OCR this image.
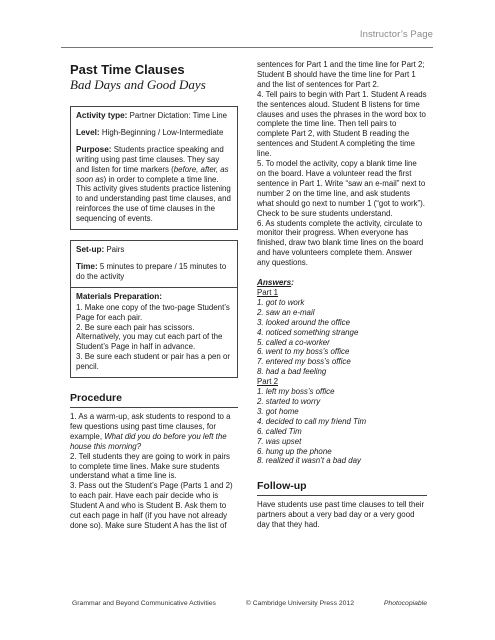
Instructor’s Page
Past Time Clauses
Bad Days and Good Days

Activity type: Partner Dictation: Time Line

Level: High-Beginning / Low-Intermediate

Purpose: Students practice speaking and writing using past time clauses. They say and listen for time markers (before, after, as soon as) in order to complete a time line. This activity gives students practice listening to and understanding past time clauses, and reinforces the use of time clauses in the sequencing of events.

Set-up: Pairs

Time: 5 minutes to prepare / 15 minutes to do the activity

Materials Preparation:
1. Make one copy of the two-page Student’s Page for each pair.
2. Be sure each pair has scissors. Alternatively, you may cut each part of the Student’s Page in half in advance.
3. Be sure each student or pair has a pen or pencil.
Procedure
1. As a warm-up, ask students to respond to a few questions using past time clauses, for example, What did you do before you left the house this morning?
2. Tell students they are going to work in pairs to complete time lines. Make sure students understand what a time line is.
3. Pass out the Student’s Page (Parts 1 and 2) to each pair. Have each pair decide who is Student A and who is Student B. Ask them to cut each page in half (if you have not already done so). Make sure Student A has the list of
sentences for Part 1 and the time line for Part 2; Student B should have the time line for Part 1 and the list of sentences for Part 2.
4. Tell pairs to begin with Part 1. Student A reads the sentences aloud. Student B listens for time clauses and uses the phrases in the word box to complete the time line. Then tell pairs to complete Part 2, with Student B reading the sentences and Student A completing the time line.
5. To model the activity, copy a blank time line on the board. Have a volunteer read the first sentence in Part 1. Write “saw an e-mail” next to number 2 on the time line, and ask students what should go next to number 1 (“got to work”). Check to be sure students understand.
6. As students complete the activity, circulate to monitor their progress. When everyone has finished, draw two blank time lines on the board and have volunteers complete them. Answer any questions.
Answers:
Part 1
1. got to work
2. saw an e-mail
3. looked around the office
4. noticed something strange
5. called a co-worker
6. went to my boss’s office
7. entered my boss’s office
8. had a bad feeling
Part 2
1. left my boss’s office
2. started to worry
3. got home
4. decided to call my friend Tim
6. called Tim
7. was upset
6. hung up the phone
8. realized it wasn’t a bad day
Follow-up
Have students use past time clauses to tell their partners about a very bad day or a very good day that they had.
Grammar and Beyond Communicative Activities	© Cambridge University Press 2012	Photocopiable
